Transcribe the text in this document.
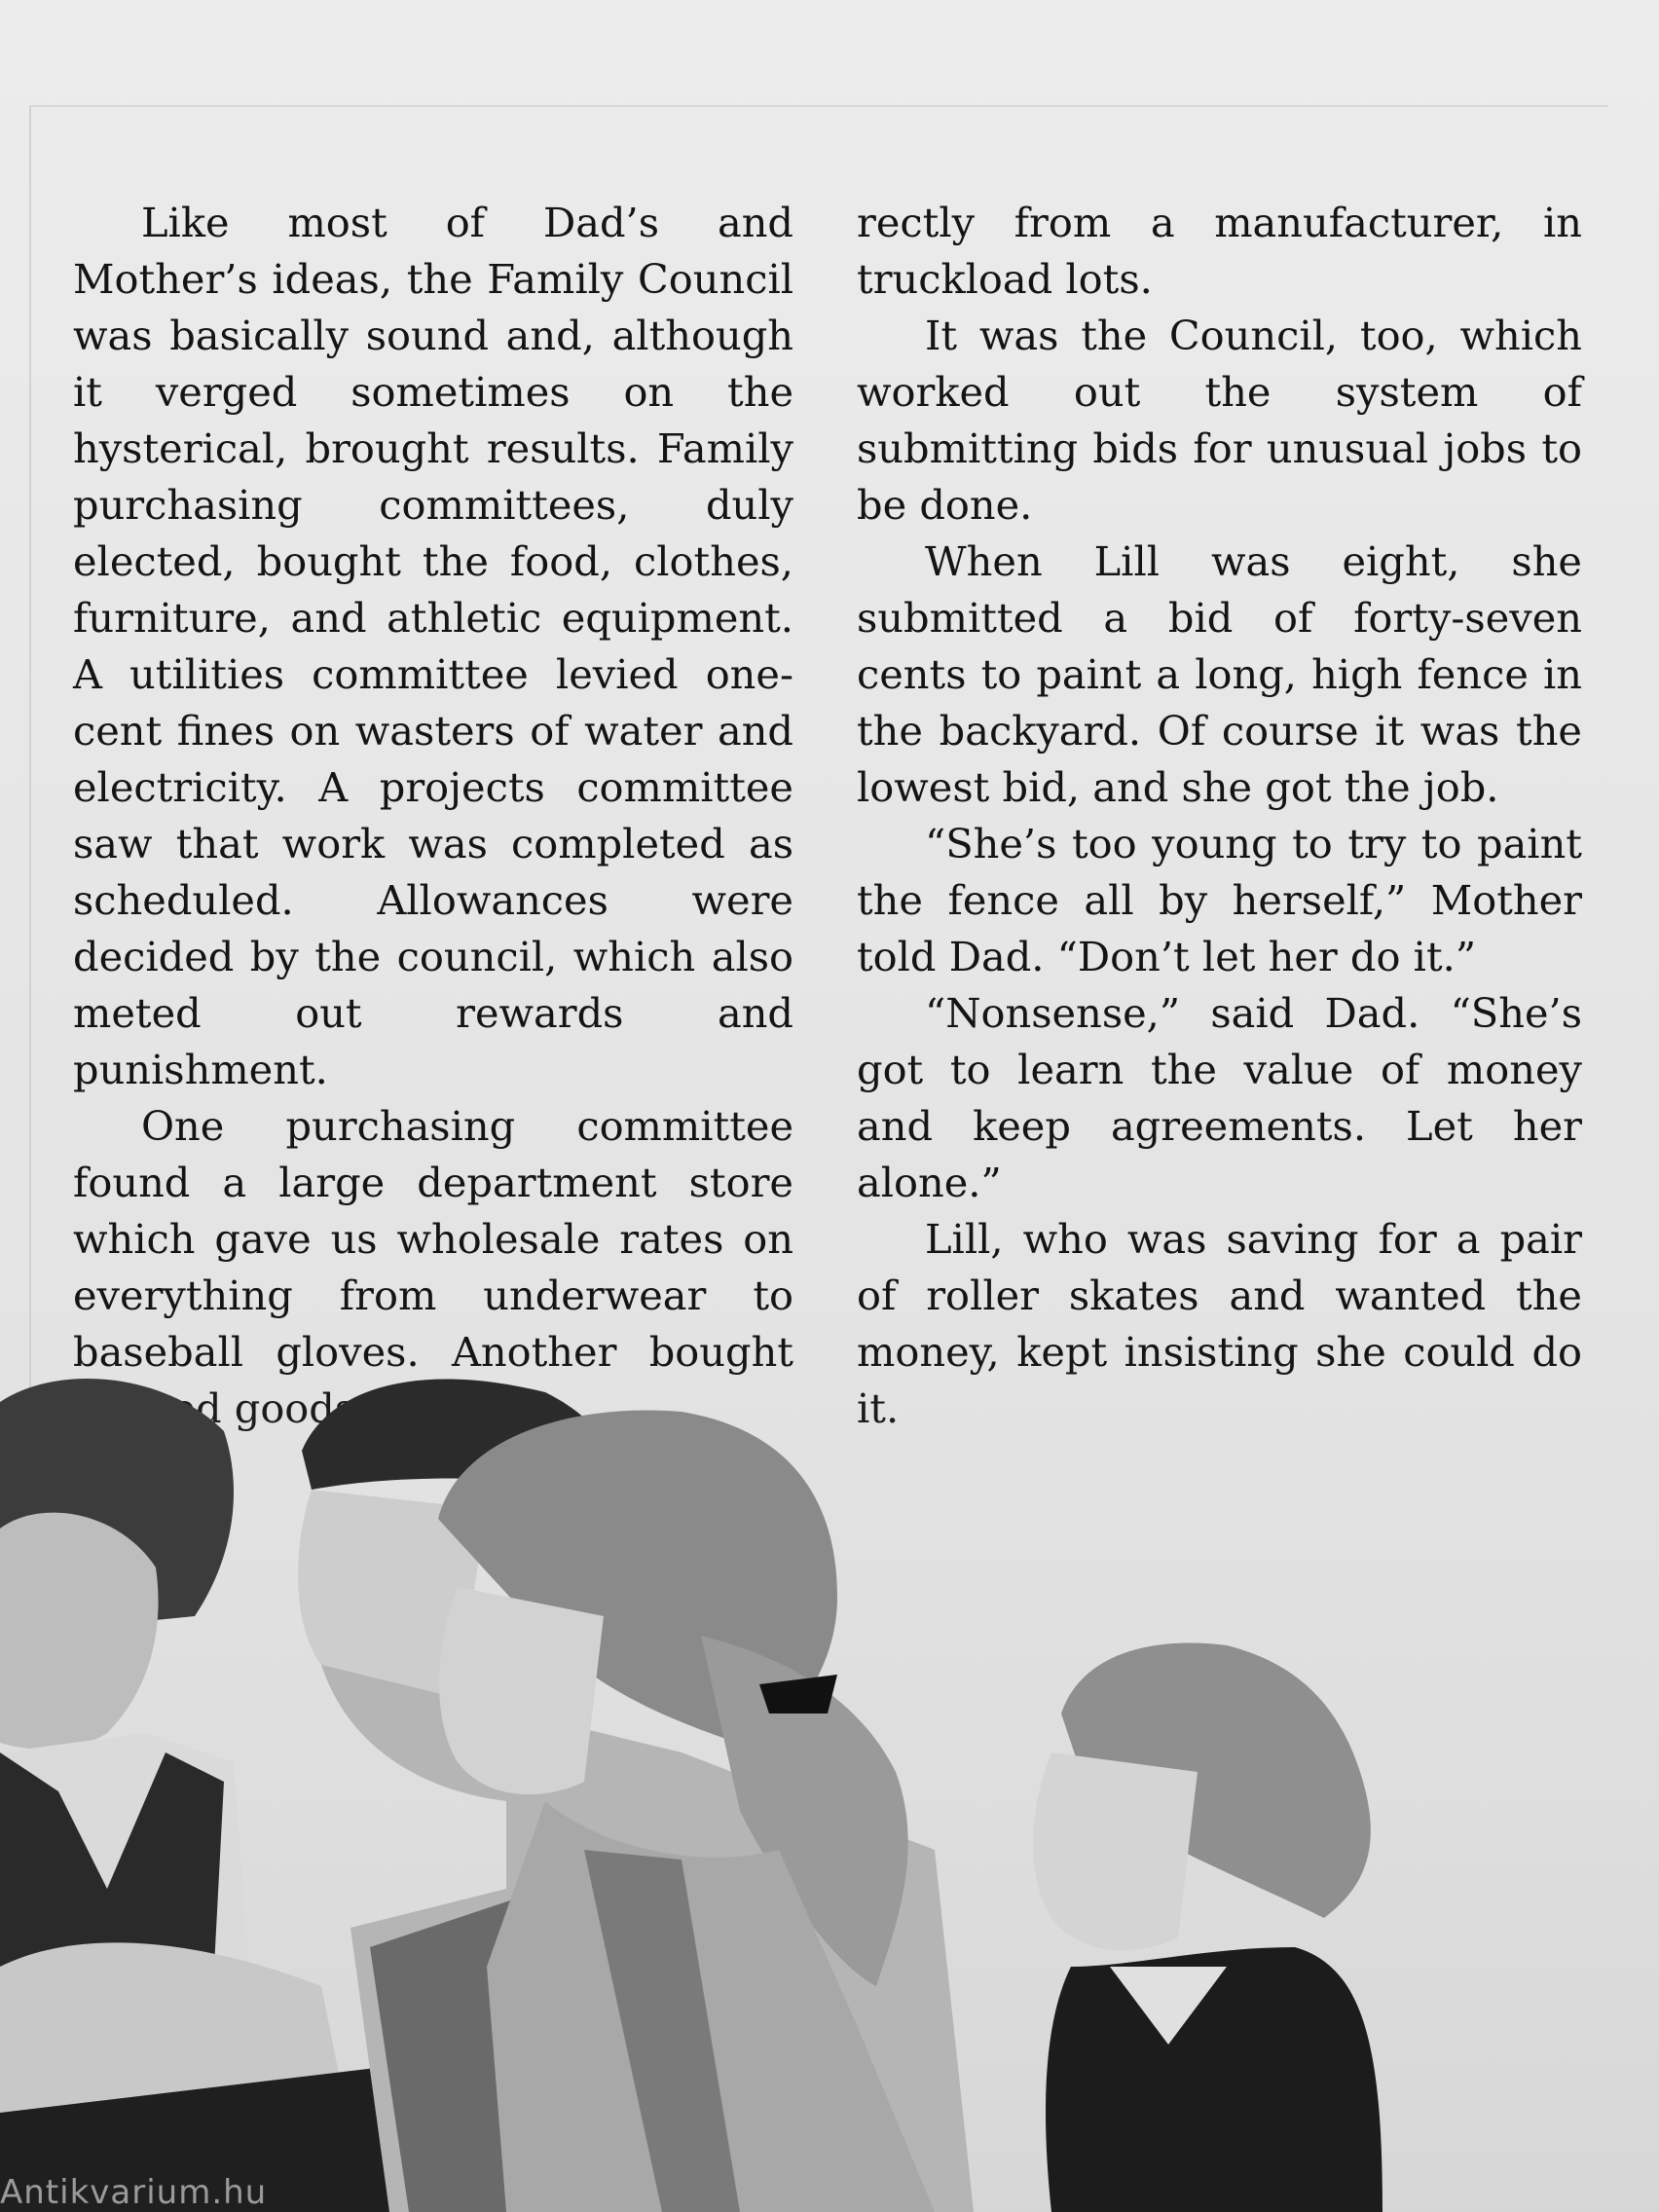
Like most of Dad’s and Mother’s ideas, the Family Council was basically sound and, although it verged sometimes on the hysterical, brought results. Family purchasing committees, duly elected, bought the food, clothes, furniture, and athletic equipment. A utilities committee levied one-cent fines on wasters of water and electricity. A projects committee saw that work was completed as scheduled. Allowances were decided by the council, which also meted out rewards and punishment.

One purchasing committee found a large department store which gave us wholesale rates on everything from underwear to

rectly from a manufacturer, in truckload lots.

It was the Council, too, which worked out the system of submitting bids for unusual jobs to be done.

When Lill was eight, she submitted a bid of forty-seven cents to paint a long, high fence in the backyard. Of course it was the lowest bid, and she got the job.

“She’s too young to try to paint the fence all by herself,” Mother told Dad. “Don’t let her do it.”

“Nonsense,” said Dad. “She’s got to learn the value of money and keep agreements. Let her alone.”

Lill, who was saving for a pair of roller skates and wanted the

Antikvarium.hu
